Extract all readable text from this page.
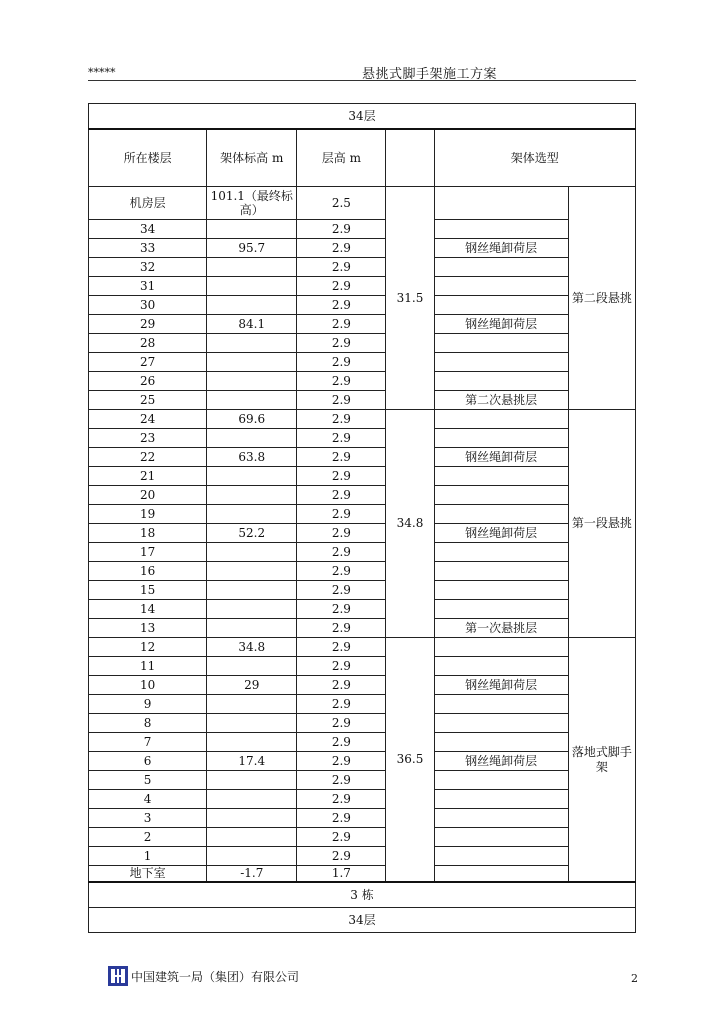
*****	悬挑式脚手架施工方案
34层					
所在楼层	架体标高 m	层高 m		架体选型	
机房层	101.1（最终标高）	2.5	31.5		第二段悬挑
34		2.9			
33	95.7	2.9		钢丝绳卸荷层	
32		2.9			
31		2.9			
30		2.9			
29	84.1	2.9		钢丝绳卸荷层	
28		2.9			
27		2.9			
26		2.9			
25		2.9		第二次悬挑层	
24	69.6	2.9	34.8		第一段悬挑
23		2.9			
22	63.8	2.9		钢丝绳卸荷层	
21		2.9			
20		2.9			
19		2.9			
18	52.2	2.9		钢丝绳卸荷层	
17		2.9			
16		2.9			
15		2.9			
14		2.9			
13		2.9		第一次悬挑层	
12	34.8	2.9	36.5		落地式脚手架
11		2.9			
10	29	2.9		钢丝绳卸荷层	
9		2.9			
8		2.9			
7		2.9			
6	17.4	2.9		钢丝绳卸荷层	
5		2.9			
4		2.9			
3		2.9			
2		2.9			
1		2.9			
地下室	-1.7	1.7			
3 栋					
34层					
中国建筑一局（集团）有限公司	2
